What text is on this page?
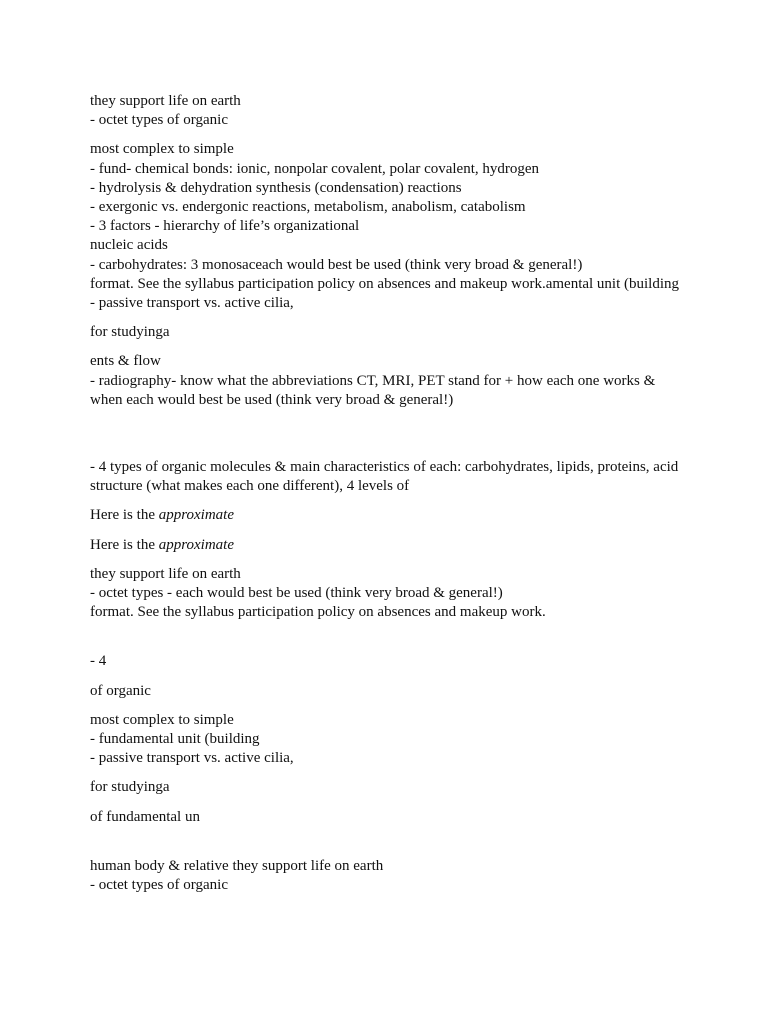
they support life on earth
- octet types of organic
most complex to simple
- fund- chemical bonds: ionic, nonpolar covalent, polar covalent, hydrogen
- hydrolysis & dehydration synthesis (condensation) reactions
- exergonic vs. endergonic reactions, metabolism, anabolism, catabolism
- 3 factors - hierarchy of life’s organizational
nucleic acids
- carbohydrates: 3 monosaceach would best be used (think very broad & general!)
format. See the syllabus participation policy on absences and makeup work.amental unit (building
- passive transport vs. active cilia,
for studyinga
ents & flow
- radiography- know what the abbreviations CT, MRI, PET stand for + how each one works & when each would best be used (think very broad & general!)
- 4 types of organic molecules & main characteristics of each: carbohydrates, lipids, proteins, acid structure (what makes each one different), 4 levels of
Here is the approximate
Here is the approximate
they support life on earth
- octet types - each would best be used (think very broad & general!)
format. See the syllabus participation policy on absences and makeup work.
- 4
of organic
most complex to simple
- fundamental unit (building
- passive transport vs. active cilia,
for studyinga
of fundamental un
human body & relative they support life on earth
- octet types of organic
